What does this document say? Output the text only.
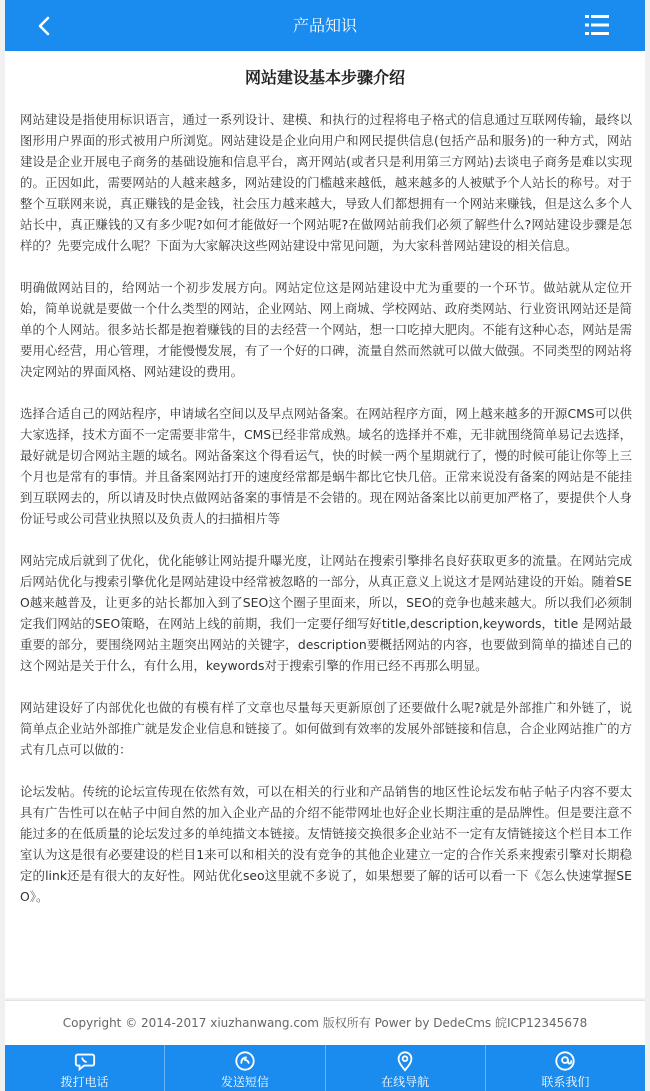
产品知识
网站建设基本步骤介绍

网站建设是指使用标识语言，通过一系列设计、建模、和执行的过程将电子格式的信息通过互联网传输，最终以图形用户界面的形式被用户所浏览。网站建设是企业向用户和网民提供信息(包括产品和服务)的一种方式，网站建设是企业开展电子商务的基础设施和信息平台，离开网站(或者只是利用第三方网站)去谈电子商务是难以实现的。正因如此，需要网站的人越来越多，网站建设的门槛越来越低，越来越多的人被赋予个人站长的称号。对于整个互联网来说，真正赚钱的是金钱，社会压力越来越大，导致人们都想拥有一个网站来赚钱，但是这么多个人站长中，真正赚钱的又有多少呢?如何才能做好一个网站呢?在做网站前我们必须了解些什么?网站建设步骤是怎样的？先要完成什么呢？下面为大家解决这些网站建设中常见问题，为大家科普网站建设的相关信息。

明确做网站目的，给网站一个初步发展方向。网站定位这是网站建设中尤为重要的一个环节。做站就从定位开始，简单说就是要做一个什么类型的网站，企业网站、网上商城、学校网站、政府类网站、行业资讯网站还是简单的个人网站。很多站长都是抱着赚钱的目的去经营一个网站，想一口吃掉大肥肉。不能有这种心态，网站是需要用心经营，用心管理，才能慢慢发展，有了一个好的口碑，流量自然而然就可以做大做强。不同类型的网站将决定网站的界面风格、网站建设的费用。

选择合适自己的网站程序，申请域名空间以及早点网站备案。在网站程序方面，网上越来越多的开源CMS可以供大家选择，技术方面不一定需要非常牛，CMS已经非常成熟。域名的选择并不难，无非就围绕简单易记去选择，最好就是切合网站主题的域名。网站备案这个得看运气，快的时候一两个星期就行了，慢的时候可能让你等上三个月也是常有的事情。并且备案网站打开的速度经常都是蜗牛都比它快几倍。正常来说没有备案的网站是不能挂到互联网去的，所以请及时快点做网站备案的事情是不会错的。现在网站备案比以前更加严格了，要提供个人身份证号或公司营业执照以及负责人的扫描相片等

网站完成后就到了优化，优化能够让网站提升曝光度，让网站在搜索引擎排名良好获取更多的流量。在网站完成后网站优化与搜索引擎优化是网站建设中经常被忽略的一部分，从真正意义上说这才是网站建设的开始。随着SEO越来越普及，让更多的站长都加入到了SEO这个圈子里面来，所以，SEO的竞争也越来越大。所以我们必须制定我们网站的SEO策略，在网站上线的前期，我们一定要仔细写好title,description,keywords，title 是网站最重要的部分，要围绕网站主题突出网站的关键字，description要概括网站的内容，也要做到简单的描述自己的这个网站是关于什么，有什么用，keywords对于搜索引擎的作用已经不再那么明显。

网站建设好了内部优化也做的有模有样了文章也尽量每天更新原创了还要做什么呢?就是外部推广和外链了，说简单点企业站外部推广就是发企业信息和链接了。如何做到有效率的发展外部链接和信息，合企业网站推广的方式有几点可以做的：

论坛发帖。传统的论坛宣传现在依然有效，可以在相关的行业和产品销售的地区性论坛发布帖子帖子内容不要太具有广告性可以在帖子中间自然的加入企业产品的介绍不能带网址也好企业长期注重的是品牌性。但是要注意不能过多的在低质量的论坛发过多的单纯描文本链接。友情链接交换很多企业站不一定有友情链接这个栏目本工作室认为这是很有必要建设的栏目1来可以和相关的没有竞争的其他企业建立一定的合作关系来搜索引擎对长期稳定的link还是有很大的友好性。网站优化seo这里就不多说了，如果想要了解的话可以看一下《怎么快速掌握SEO》。

Copyright © 2014-2017 xiuzhanwang.com 版权所有 Power by DedeCms 皖ICP12345678
拨打电话	发送短信	在线导航	联系我们
